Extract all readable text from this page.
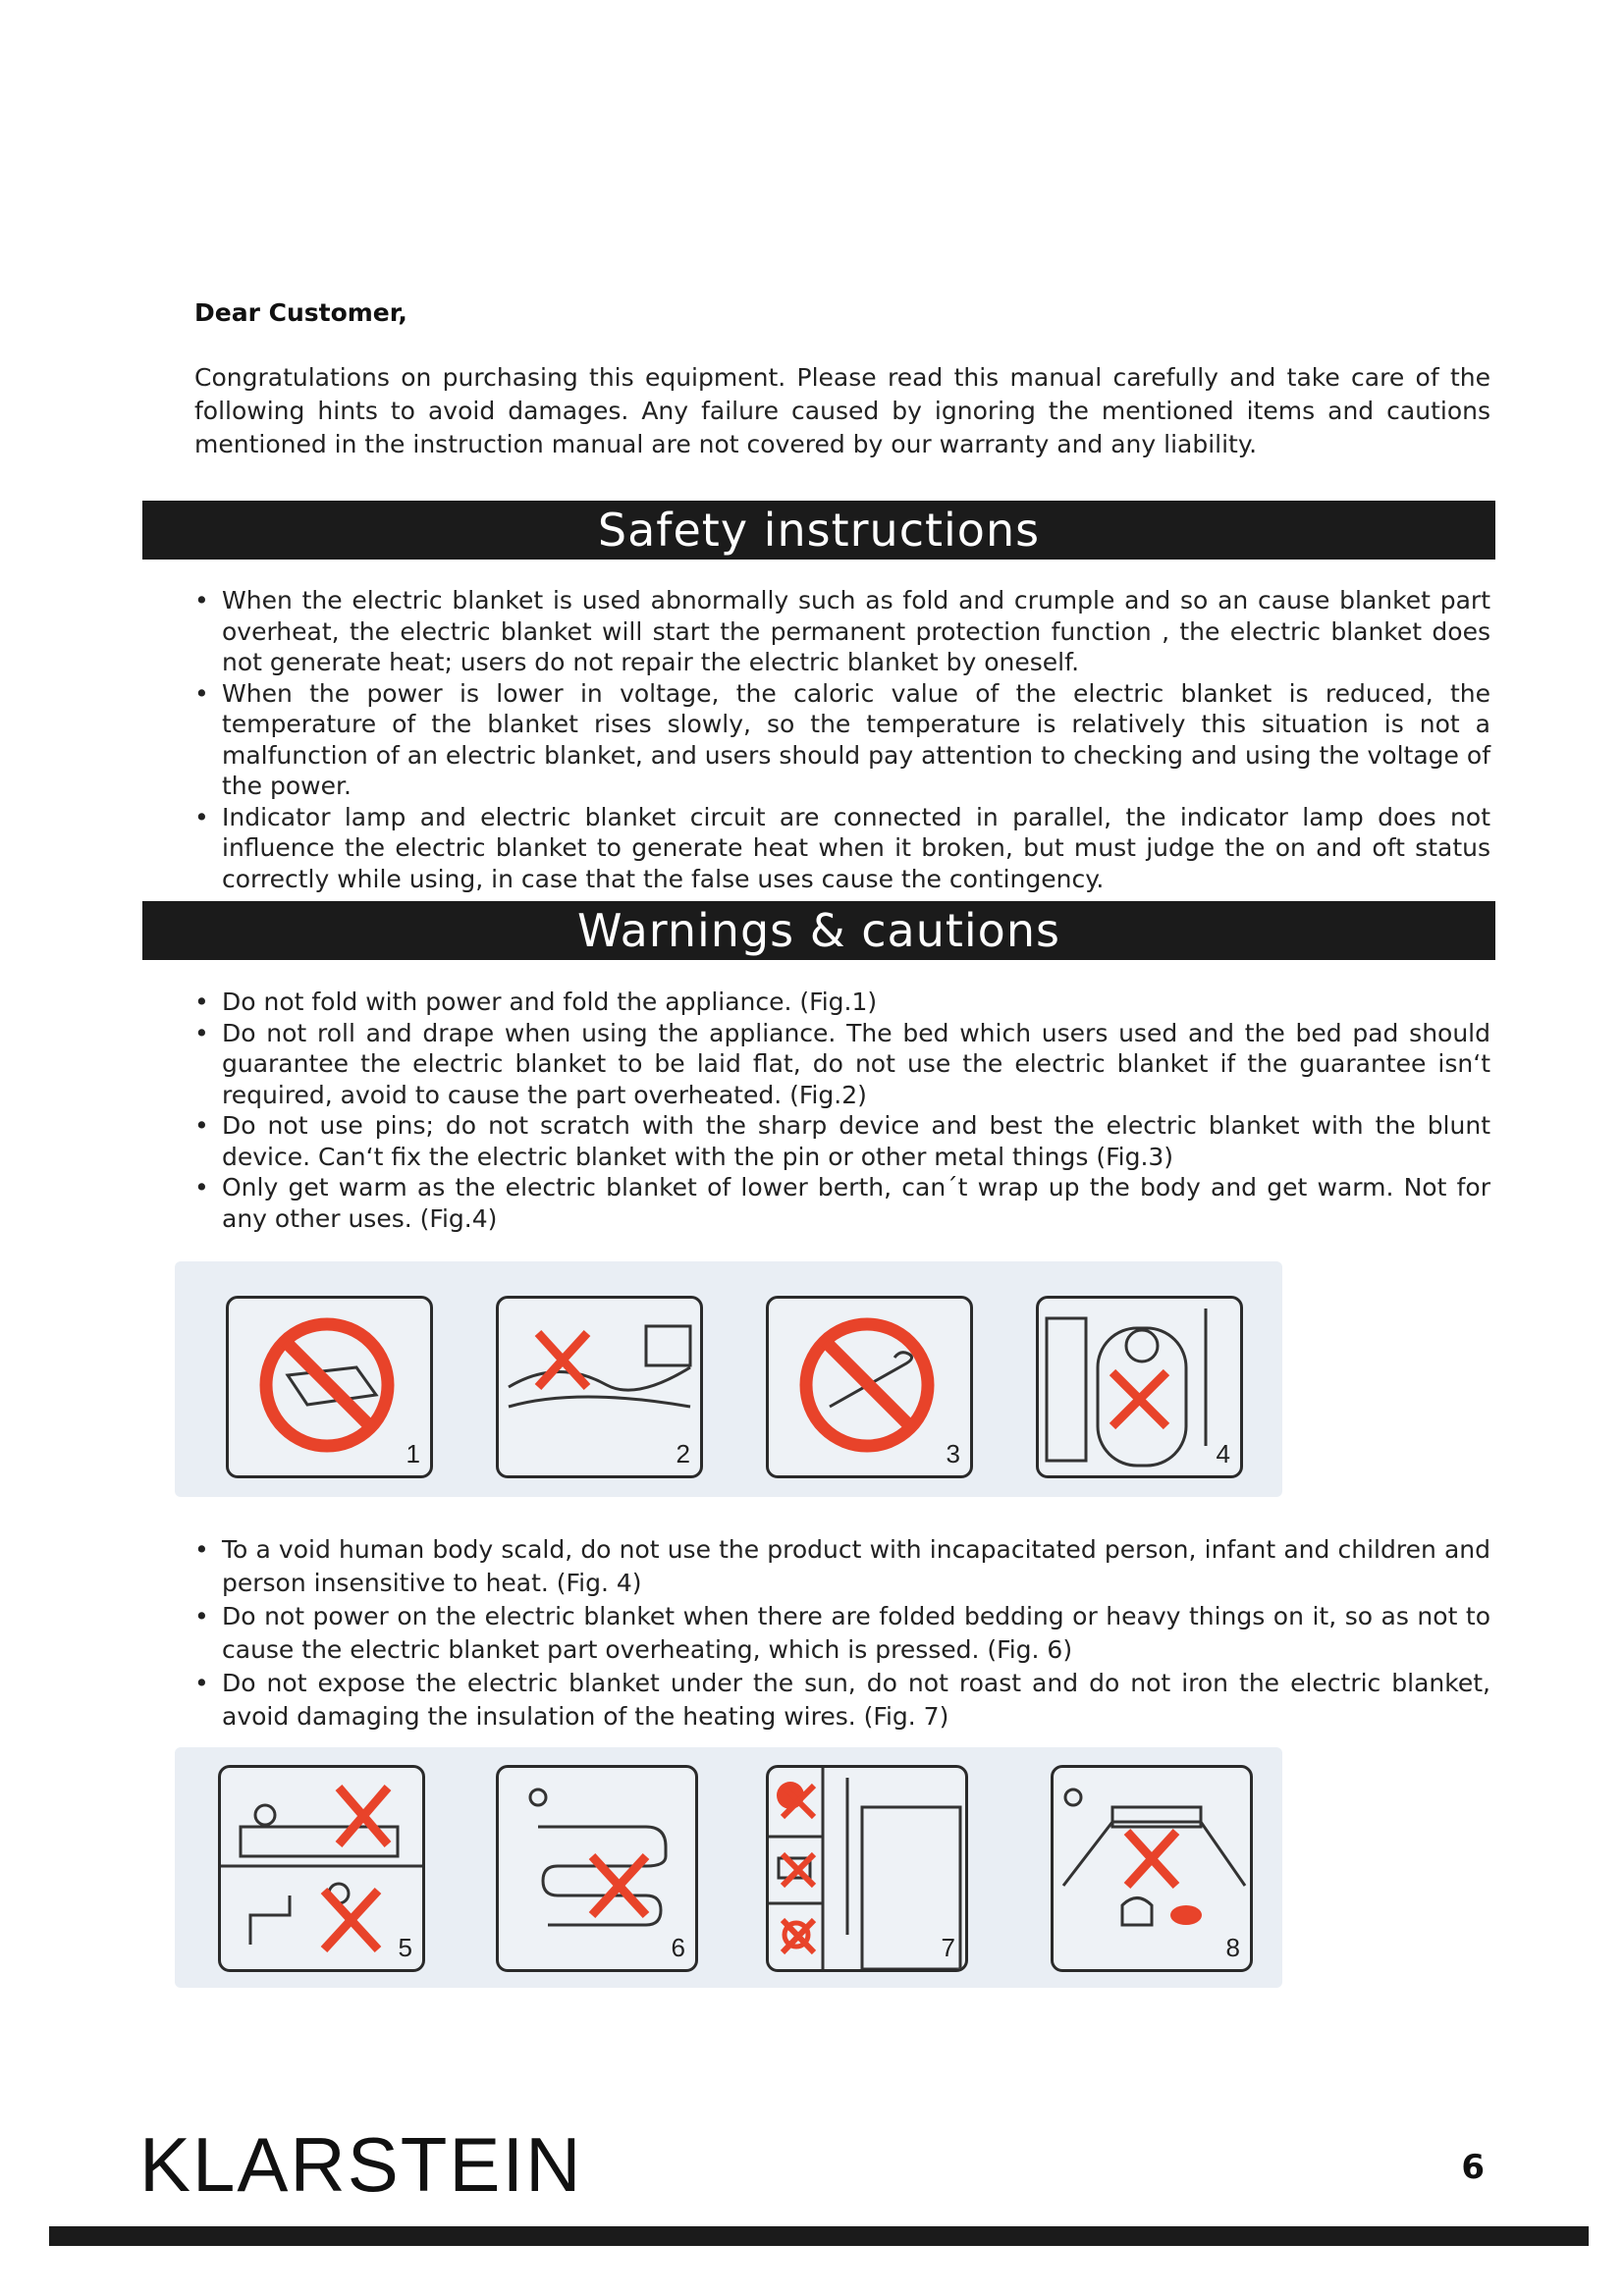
Dear Customer,
Congratulations on purchasing this equipment. Please read this manual carefully and take care of the following hints to avoid damages. Any failure caused by ignoring the mentioned items and cautions mentioned in the instruction manual are not covered by our warranty and any liability.
Safety instructions
• When the electric blanket is used abnormally such as fold and crumple and so an cause blanket part overheat, the electric blanket will start the permanent protection function , the electric blanket does not generate heat; users do not repair the electric blanket by oneself.
• When the power is lower in voltage, the caloric value of the electric blanket is reduced, the temperature of the blanket rises slowly, so the temperature is relatively this situation is not a malfunction of an electric blanket, and users should pay attention to checking and using the voltage of the power.
• Indicator lamp and electric blanket circuit are connected in parallel, the indicator lamp does not influence the electric blanket to generate heat when it broken, but must judge the on and oft status correctly while using, in case that the false uses cause the contingency.
Warnings & cautions
• Do not fold with power and fold the appliance. (Fig.1)
• Do not roll and drape when using the appliance. The bed which users used and the bed pad should guarantee the electric blanket to be laid flat, do not use the electric blanket if the guarantee isn‘t required, avoid to cause the part overheated. (Fig.2)
• Do not use pins; do not scratch with the sharp device and best the electric blanket with the blunt device. Can‘t fix the electric blanket with the pin or other metal things (Fig.3)
• Only get warm as the electric blanket of lower berth, can´t wrap up the body and get warm. Not for any other uses. (Fig.4)
1	2	3	4
• To a void human body scald, do not use the product with incapacitated person, infant and children and person insensitive to heat. (Fig. 4)
• Do not power on the electric blanket when there are folded bedding or heavy things on it, so as not to cause the electric blanket part overheating, which is pressed. (Fig. 6)
• Do not expose the electric blanket under the sun, do not roast and do not iron the electric blanket, avoid damaging the insulation of the heating wires. (Fig. 7)
5	6	7	8
KLARSTEIN	6
